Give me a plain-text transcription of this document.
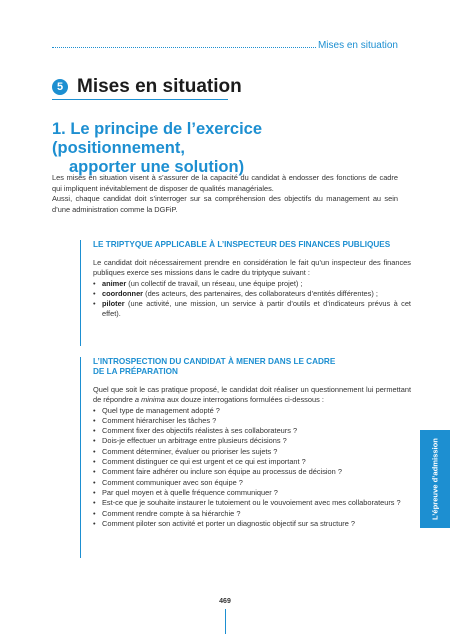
Mises en situation
5 Mises en situation
1. Le principe de l’exercice (positionnement,
apporter une solution)

Les mises en situation visent à s’assurer de la capacité du candidat à endosser des fonctions de cadre qui impliquent inévitablement de disposer de qualités managériales.

Aussi, chaque candidat doit s’interroger sur sa compréhension des objectifs du management au sein d’une administration comme la DGFiP.

LE TRIPTYQUE APPLICABLE À L’INSPECTEUR DES FINANCES PUBLIQUES
Le candidat doit nécessairement prendre en considération le fait qu’un inspecteur des finances publiques exerce ses missions dans le cadre du triptyque suivant :
• animer (un collectif de travail, un réseau, une équipe projet) ;
• coordonner (des acteurs, des partenaires, des collaborateurs d’entités différentes) ;
• piloter (une activité, une mission, un service à partir d’outils et d’indicateurs prévus à cet effet).
L’INTROSPECTION DU CANDIDAT À MENER DANS LE CADRE
DE LA PRÉPARATION
Quel que soit le cas pratique proposé, le candidat doit réaliser un questionnement lui permettant de répondre a minima aux douze interrogations formulées ci-dessous :
• Quel type de management adopté ?
• Comment hiérarchiser les tâches ?
• Comment fixer des objectifs réalistes à ses collaborateurs ?
• Dois-je effectuer un arbitrage entre plusieurs décisions ?
• Comment déterminer, évaluer ou prioriser les sujets ?
• Comment distinguer ce qui est urgent et ce qui est important ?
• Comment faire adhérer ou inclure son équipe au processus de décision ?
• Comment communiquer avec son équipe ?
• Par quel moyen et à quelle fréquence communiquer ?
• Est-ce que je souhaite instaurer le tutoiement ou le vouvoiement avec mes collaborateurs ?
• Comment rendre compte à sa hiérarchie ?
• Comment piloter son activité et porter un diagnostic objectif sur sa structure ?
L’épreuve d’admission
469
